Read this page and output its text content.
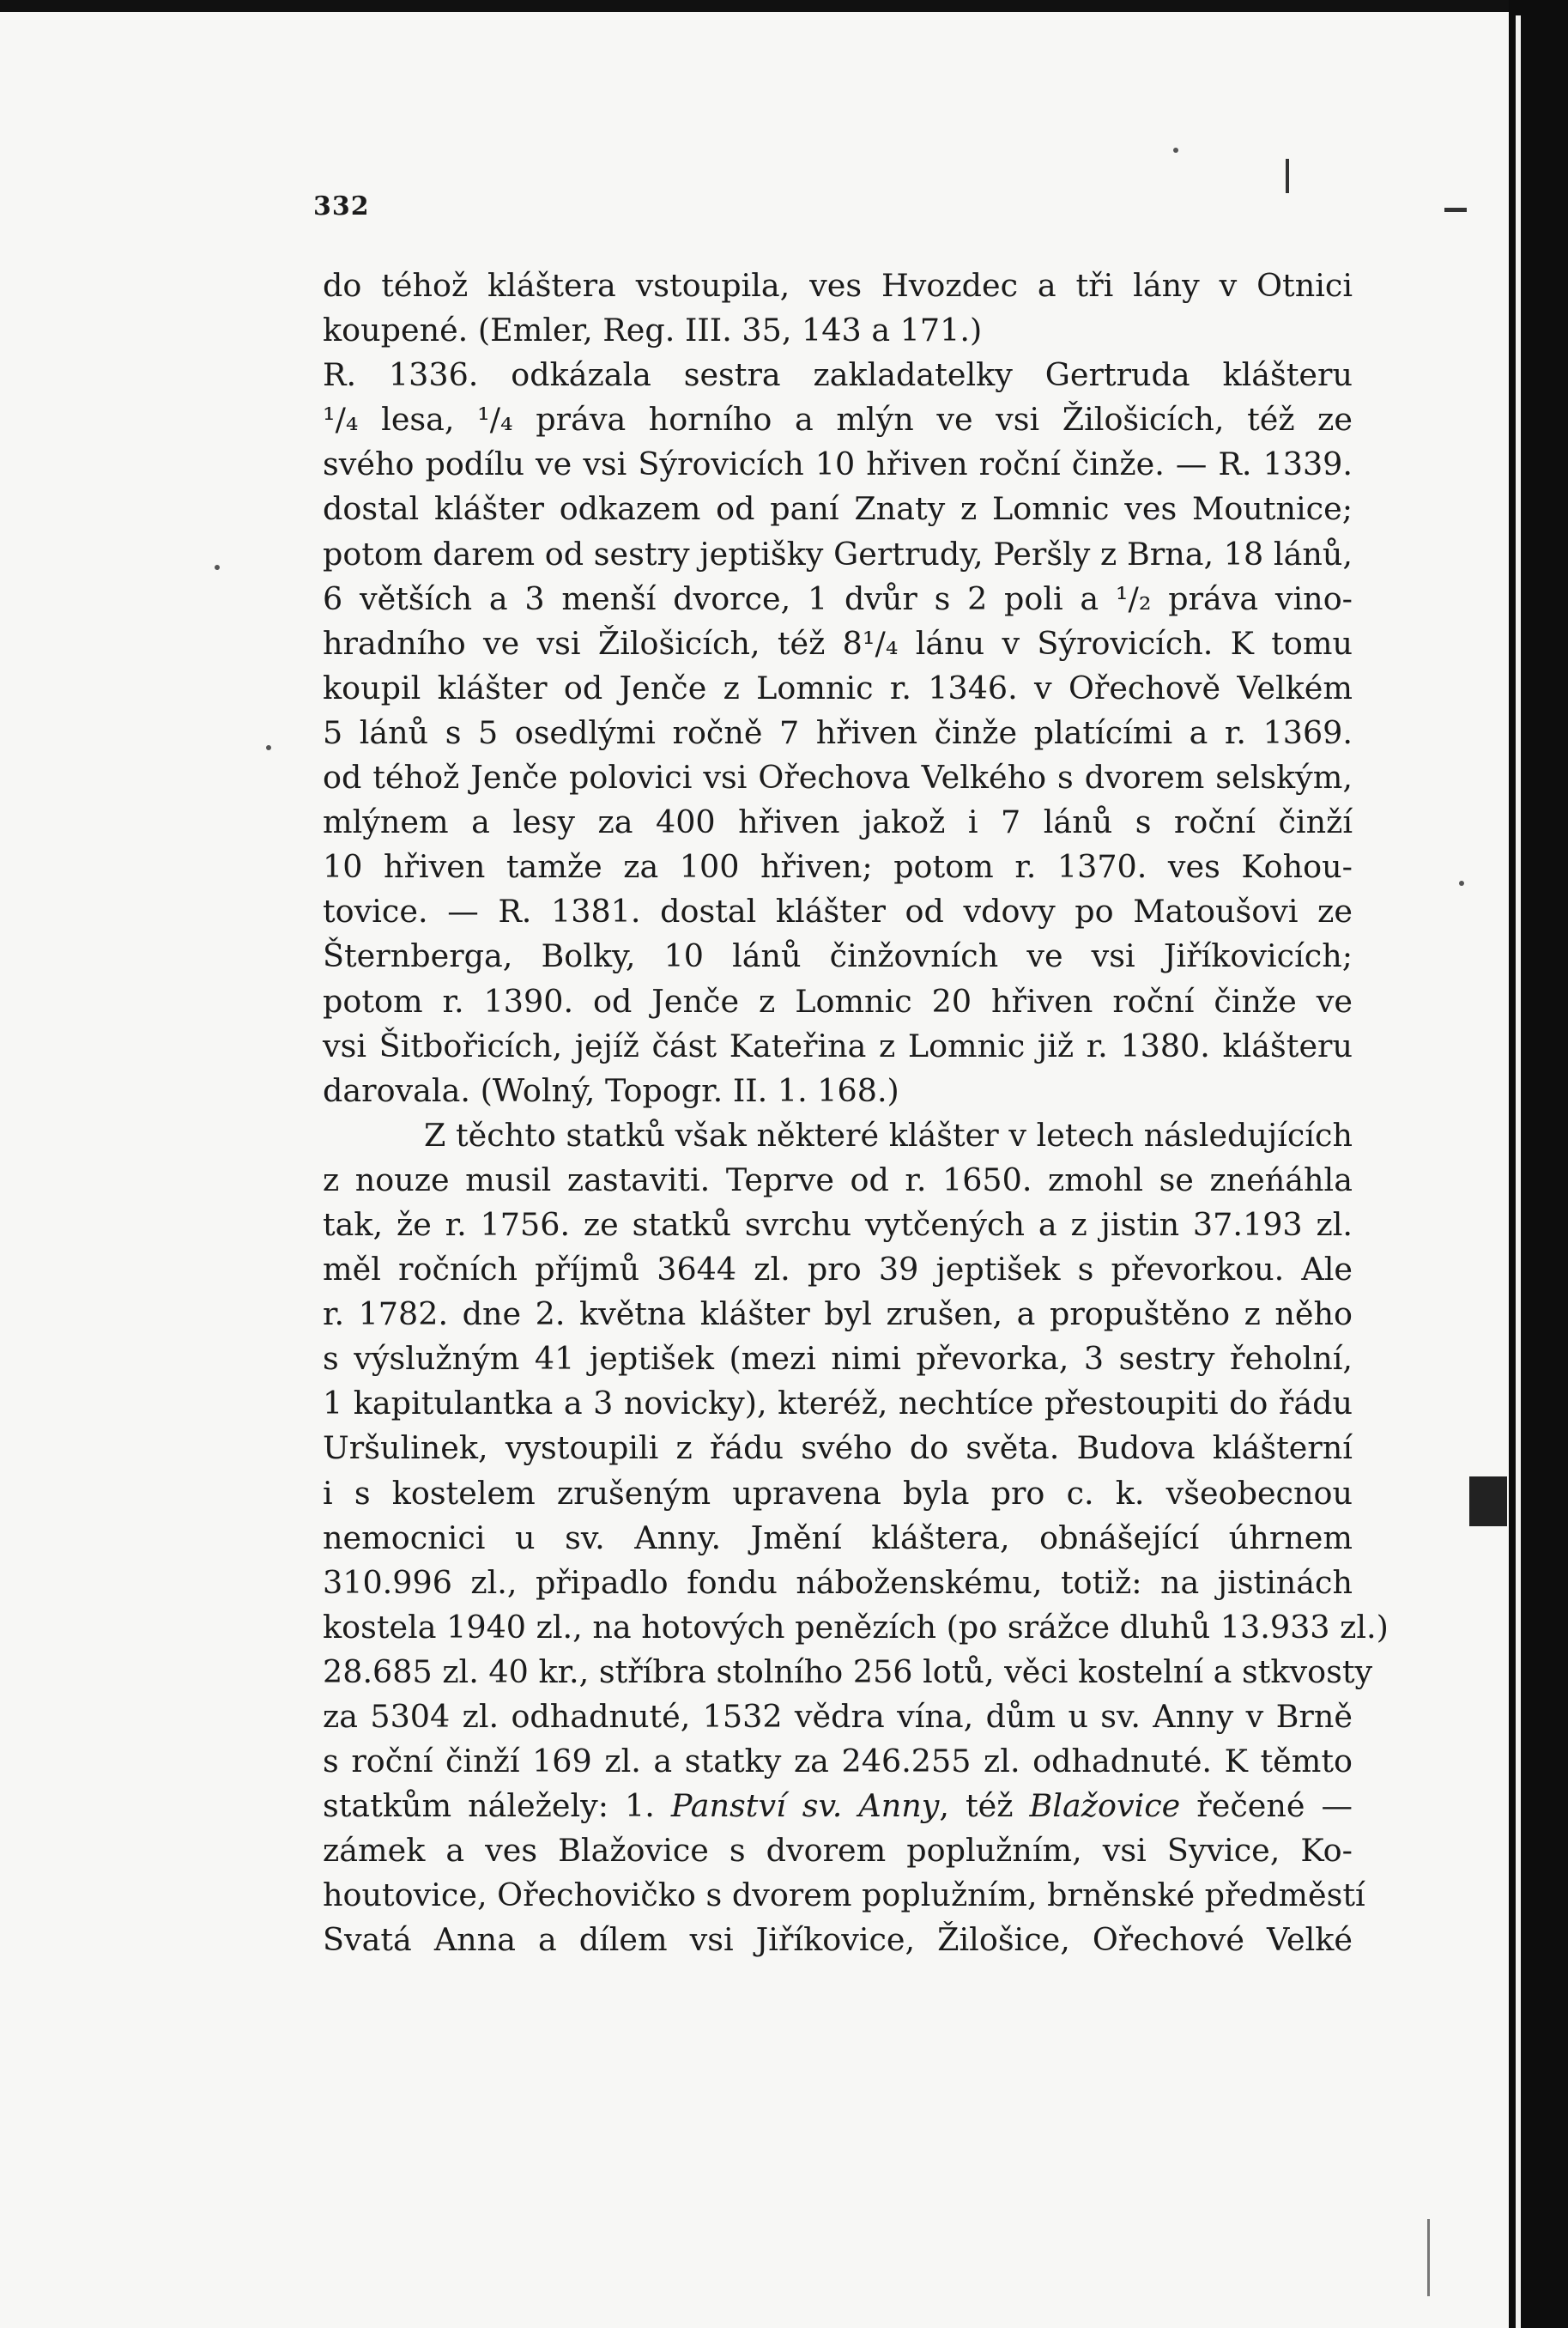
332
do téhož kláštera vstoupila, ves Hvozdec a tři lány v Otnici
koupené. (Emler, Reg. III. 35, 143 a 171.)
R. 1336. odkázala sestra zakladatelky Gertruda klášteru
¹/₄ lesa, ¹/₄ práva horního a mlýn ve vsi Žilošicích, též ze
svého podílu ve vsi Sýrovicích 10 hřiven roční činže. — R. 1339.
dostal klášter odkazem od paní Znaty z Lomnic ves Moutnice;
potom darem od sestry jeptišky Gertrudy, Peršly z Brna, 18 lánů,
6 větších a 3 menší dvorce, 1 dvůr s 2 poli a ¹/₂ práva vino-
hradního ve vsi Žilošicích, též 8¹/₄ lánu v Sýrovicích. K tomu
koupil klášter od Jenče z Lomnic r. 1346. v Ořechově Velkém
5 lánů s 5 osedlými ročně 7 hřiven činže platícími a r. 1369.
od téhož Jenče polovici vsi Ořechova Velkého s dvorem selským,
mlýnem a lesy za 400 hřiven jakož i 7 lánů s roční činží
10 hřiven tamže za 100 hřiven; potom r. 1370. ves Kohou-
tovice. — R. 1381. dostal klášter od vdovy po Matoušovi ze
Šternberga, Bolky, 10 lánů činžovních ve vsi Jiříkovicích;
potom r. 1390. od Jenče z Lomnic 20 hřiven roční činže ve
vsi Šitbořicích, jejíž část Kateřina z Lomnic již r. 1380. klášteru
darovala. (Wolný, Topogr. II. 1. 168.)
Z těchto statků však některé klášter v letech následujících
z nouze musil zastaviti. Teprve od r. 1650. zmohl se zneńáhla
tak, že r. 1756. ze statků svrchu vytčených a z jistin 37.193 zl.
měl ročních příjmů 3644 zl. pro 39 jeptišek s převorkou. Ale
r. 1782. dne 2. května klášter byl zrušen, a propuštěno z něho
s výslužným 41 jeptišek (mezi nimi převorka, 3 sestry řeholní,
1 kapitulantka a 3 novicky), kteréž, nechtíce přestoupiti do řádu
Uršulinek, vystoupili z řádu svého do světa. Budova klášterní
i s kostelem zrušeným upravena byla pro c. k. všeobecnou
nemocnici u sv. Anny. Jmění kláštera, obnášející úhrnem
310.996 zl., připadlo fondu náboženskému, totiž: na jistinách
kostela 1940 zl., na hotových penězích (po srážce dluhů 13.933 zl.)
28.685 zl. 40 kr., stříbra stolního 256 lotů, věci kostelní a stkvosty
za 5304 zl. odhadnuté, 1532 vědra vína, dům u sv. Anny v Brně
s roční činží 169 zl. a statky za 246.255 zl. odhadnuté. K těmto
statkům náležely: 1. Panství sv. Anny, též Blažovice řečené —
zámek a ves Blažovice s dvorem poplužním, vsi Syvice, Ko-
houtovice, Ořechovičko s dvorem poplužním, brněnské předměstí
Svatá Anna a dílem vsi Jiříkovice, Žilošice, Ořechové Velké
